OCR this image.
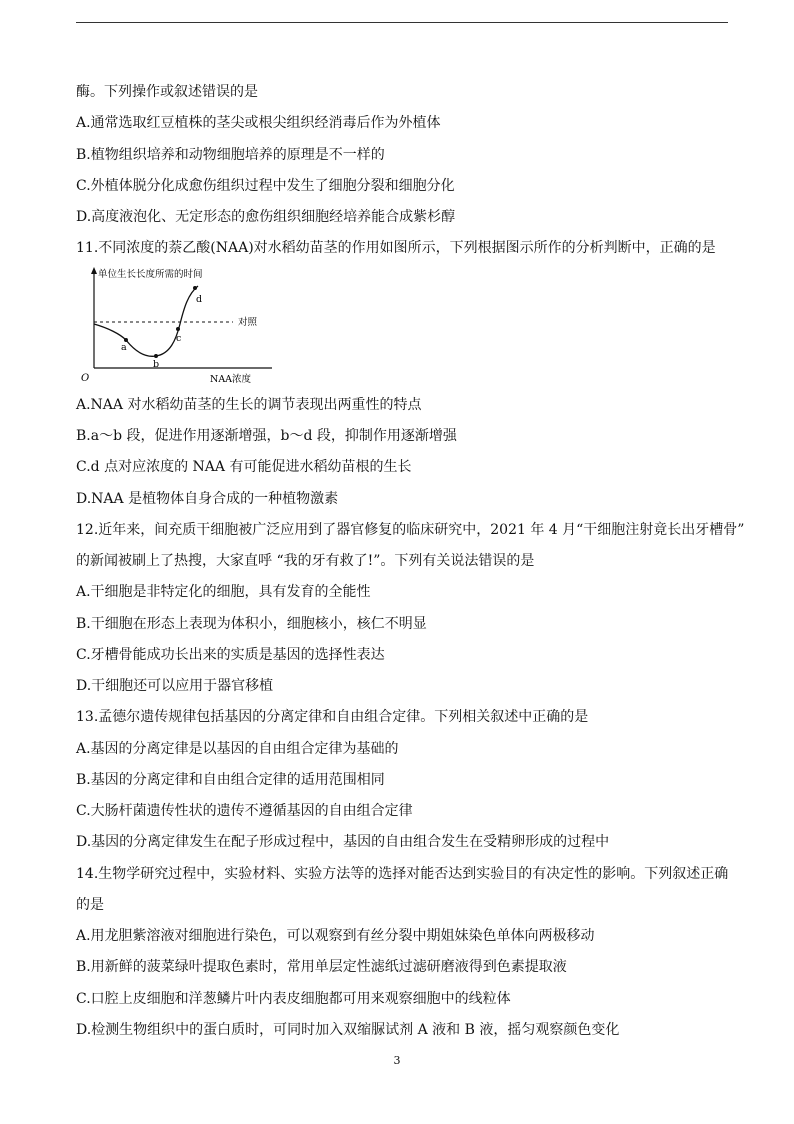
酶。下列操作或叙述错误的是
A.通常选取红豆植株的茎尖或根尖组织经消毒后作为外植体
B.植物组织培养和动物细胞培养的原理是不一样的
C.外植体脱分化成愈伤组织过程中发生了细胞分裂和细胞分化
D.高度液泡化、无定形态的愈伤组织细胞经培养能合成紫杉醇
11.不同浓度的萘乙酸(NAA)对水稻幼苗茎的作用如图所示，下列根据图示所作的分析判断中，正确的是
单位生长长度所需的时间
对照
a
b
c
d
O	NAA浓度
A.NAA 对水稻幼苗茎的生长的调节表现出两重性的特点
B.a～b 段，促进作用逐渐增强，b～d 段，抑制作用逐渐增强
C.d 点对应浓度的 NAA 有可能促进水稻幼苗根的生长
D.NAA 是植物体自身合成的一种植物激素
12.近年来，间充质干细胞被广泛应用到了器官修复的临床研究中，2021 年 4 月“干细胞注射竟长出牙槽骨”
的新闻被刷上了热搜，大家直呼 “我的牙有救了!”。下列有关说法错误的是
A.干细胞是非特定化的细胞，具有发育的全能性
B.干细胞在形态上表现为体积小，细胞核小，核仁不明显
C.牙槽骨能成功长出来的实质是基因的选择性表达
D.干细胞还可以应用于器官移植
13.孟德尔遗传规律包括基因的分离定律和自由组合定律。下列相关叙述中正确的是
A.基因的分离定律是以基因的自由组合定律为基础的
B.基因的分离定律和自由组合定律的适用范围相同
C.大肠杆菌遗传性状的遗传不遵循基因的自由组合定律
D.基因的分离定律发生在配子形成过程中，基因的自由组合发生在受精卵形成的过程中
14.生物学研究过程中，实验材料、实验方法等的选择对能否达到实验目的有决定性的影响。下列叙述正确
的是
A.用龙胆紫溶液对细胞进行染色，可以观察到有丝分裂中期姐妹染色单体向两极移动
B.用新鲜的菠菜绿叶提取色素时，常用单层定性滤纸过滤研磨液得到色素提取液
C.口腔上皮细胞和洋葱鳞片叶内表皮细胞都可用来观察细胞中的线粒体
D.检测生物组织中的蛋白质时，可同时加入双缩脲试剂 A 液和 B 液，摇匀观察颜色变化
3
